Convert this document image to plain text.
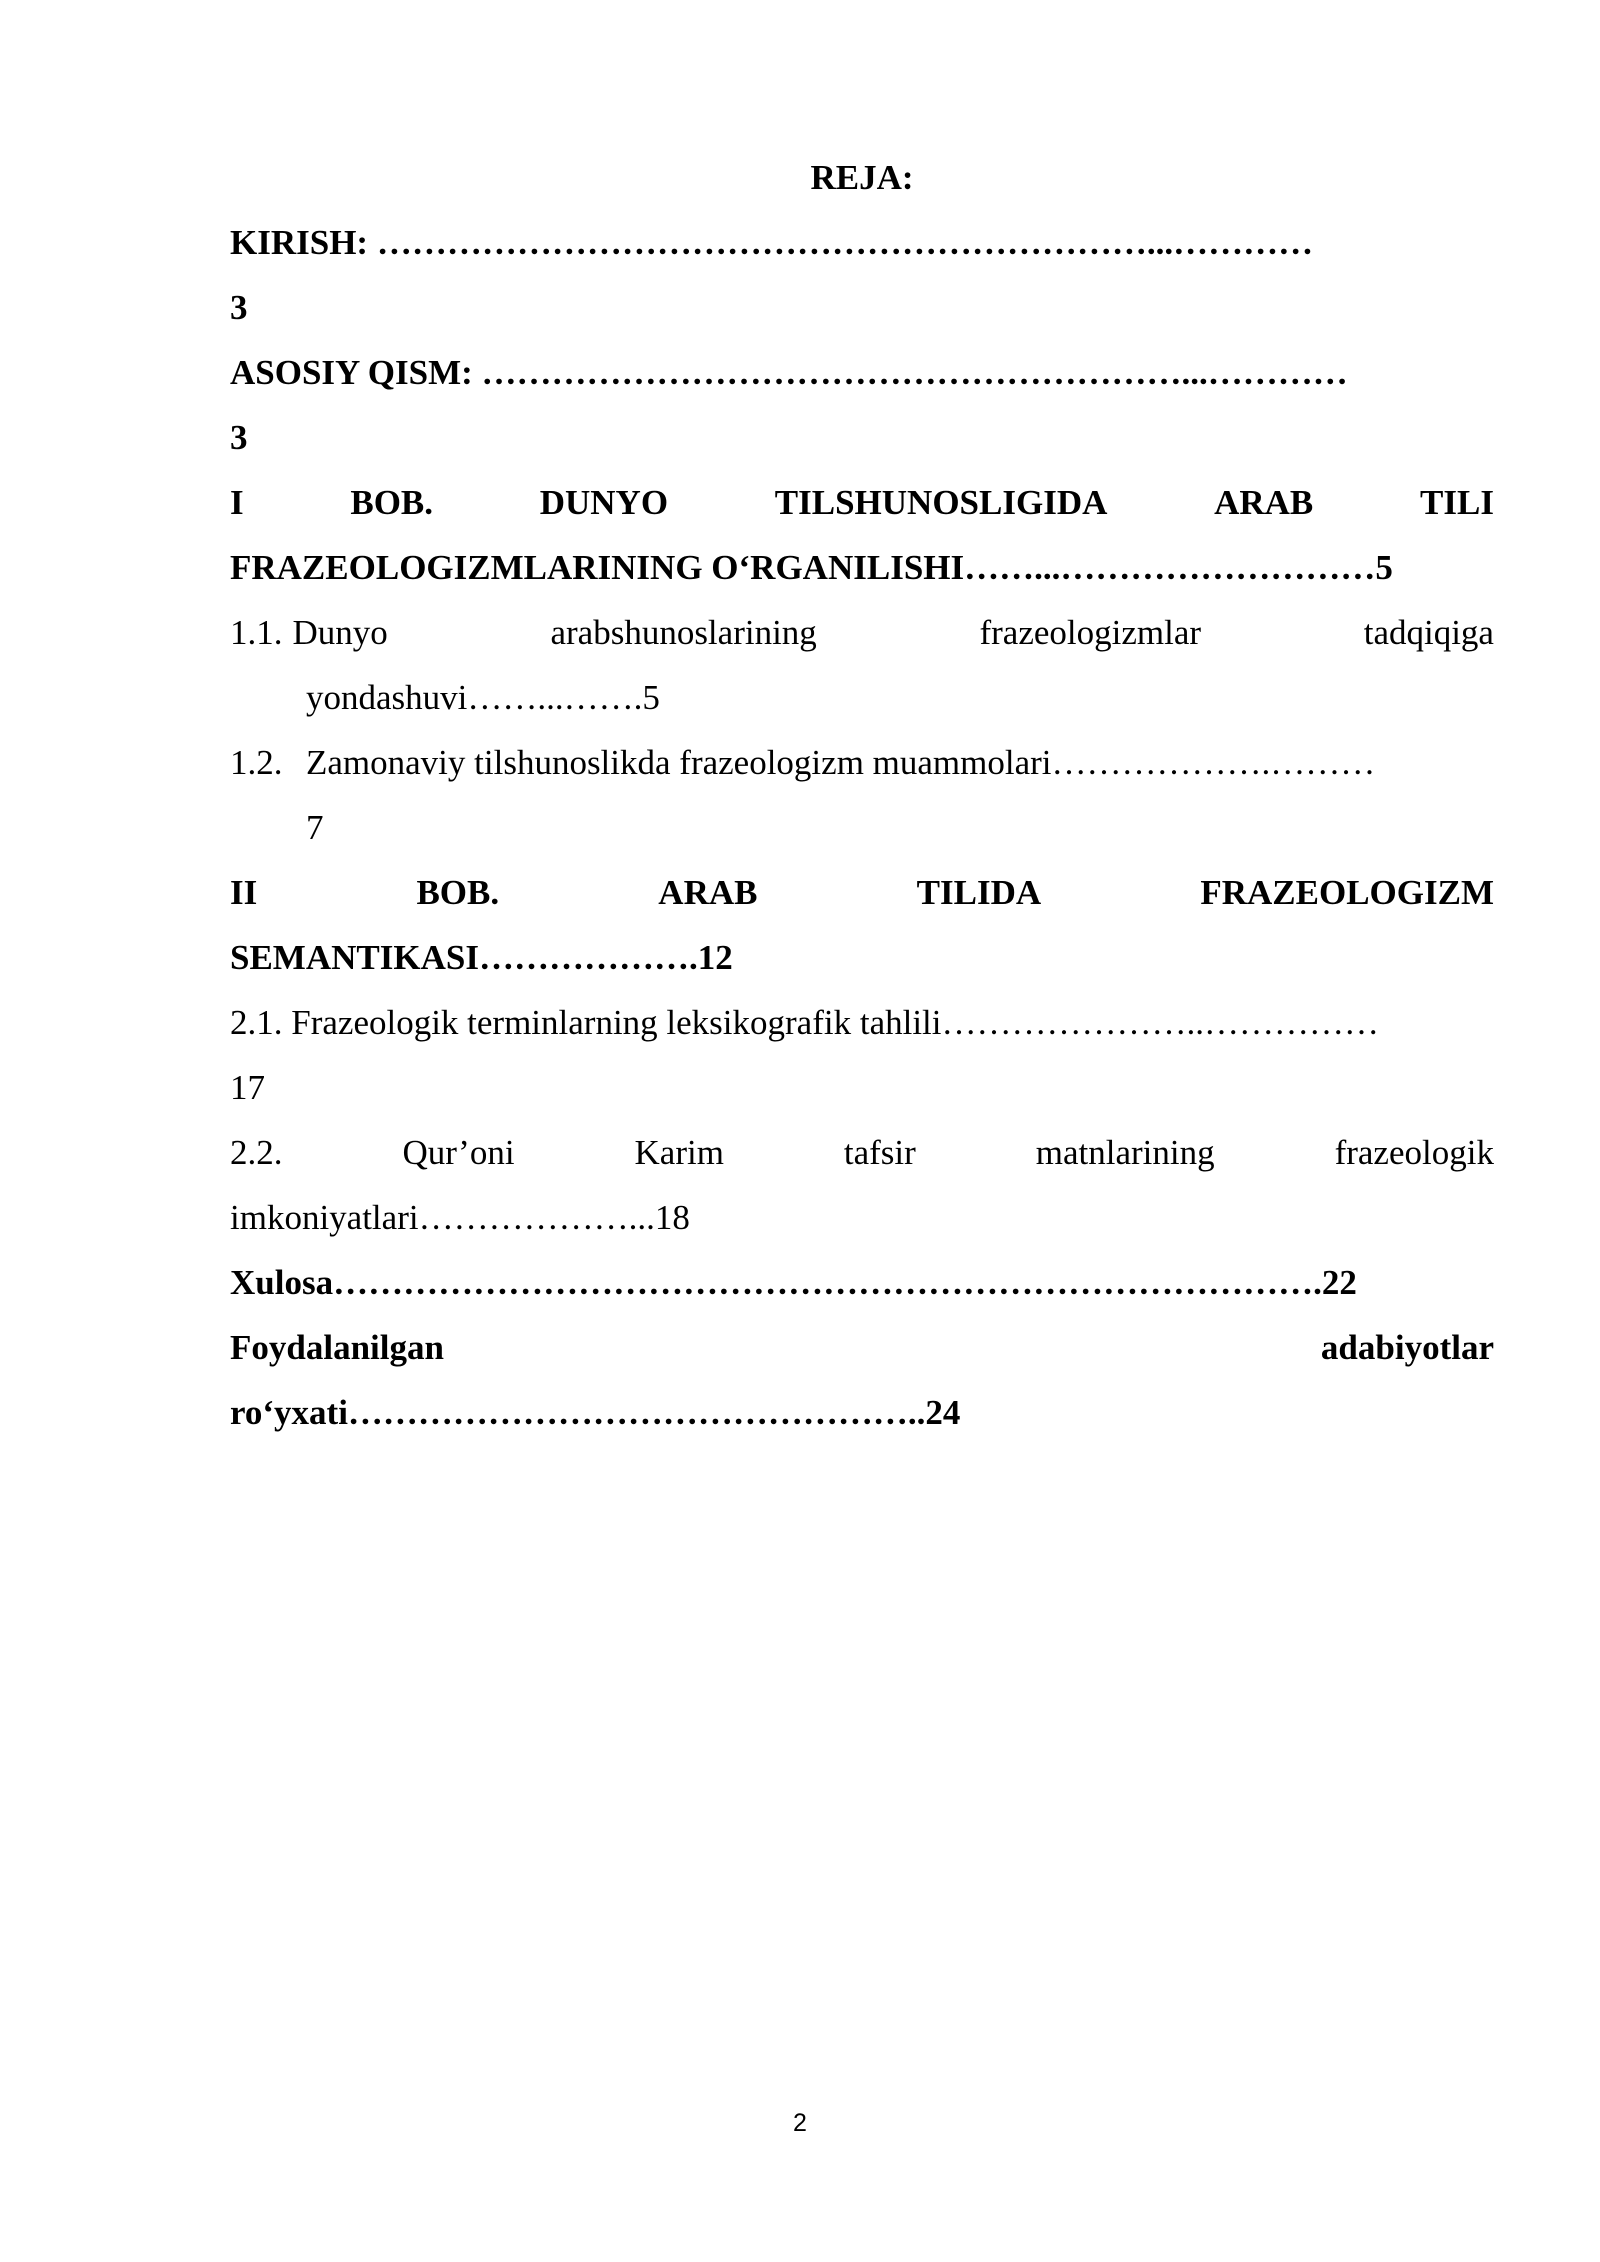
REJA:
KIRISH: …………………………………………………………...…………
3
ASOSIY QISM: ……………………………………………………...…………
3
I	BOB.	DUNYO	TILSHUNOSLIGIDA	ARAB	TILI
FRAZEOLOGIZMLARINING O‘RGANILISHI……...………………………5
1.1. Dunyo	arabshunoslarining	frazeologizmlar	tadqiqiga
yondashuvi……...…….5
1.2. Zamonaviy tilshunoslikda frazeologizm muammolari……………….………
7
II	BOB.	ARAB	TILIDA	FRAZEOLOGIZM
SEMANTIKASI……………….12
2.1. Frazeologik terminlarning leksikografik tahlili…………………..……………
17
2.2.	Qur’oni	Karim	tafsir	matnlarining	frazeologik
imkoniyatlari………………...18
Xulosa………………………………………………………………………….22
Foydalanilgan	adabiyotlar
ro‘yxati…………………………………………..24
2
